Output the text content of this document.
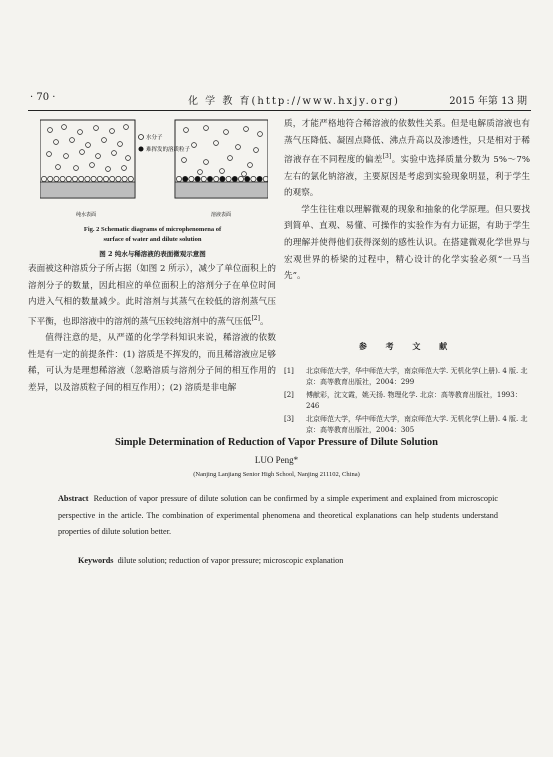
· 70 ·	化 学 教 育(http://www.hxjy.org)	2015 年第 13 期
水分子
难挥发的溶质粒子
纯水表面	溶液表面
Fig. 2 Schematic diagrams of microphenomena of
surface of water and dilute solution
图 2 纯水与稀溶液的表面微观示意图

表面被这种溶质分子所占据（如图 2 所示），减少了单位面积上的溶剂分子的数量，因此相应的单位面积上的溶剂分子在单位时间内进入气相的数量减少。此时溶剂与其蒸气在较低的溶剂蒸气压下平衡，也即溶液中的溶剂的蒸气压较纯溶剂中的蒸气压低[2]。

值得注意的是，从严谨的化学学科知识来说，稀溶液的依数性是有一定的前提条件：(1) 溶质是不挥发的，而且稀溶液应足够稀，可认为是理想稀溶液（忽略溶质与溶剂分子间的相互作用的差异，以及溶质粒子间的相互作用）；(2) 溶质是非电解

质，才能严格地符合稀溶液的依数性关系。但是电解质溶液也有蒸气压降低、凝固点降低、沸点升高以及渗透性，只是相对于稀溶液存在不同程度的偏差[3]。实验中选择质量分数为 5%～7% 左右的氯化钠溶液，主要原因是考虑到实验现象明显，利于学生的观察。

学生往往难以理解微观的现象和抽象的化学原理。但只要找到简单、直观、易懂、可操作的实验作为有力证据，有助于学生的理解并使得他们获得深刻的感性认识。在搭建微观化学世界与宏观世界的桥梁的过程中，精心设计的化学实验必须“一马当先”。

参 考 文 献
[1] 北京师范大学，华中师范大学，南京师范大学. 无机化学(上册). 4 版. 北京：高等教育出版社，2004：299
[2] 傅献彩，沈文霞，姚天扬. 物理化学. 北京：高等教育出版社，1993：246
[3] 北京师范大学，华中师范大学，南京师范大学. 无机化学(上册). 4 版. 北京：高等教育出版社，2004：305
Simple Determination of Reduction of Vapor Pressure of Dilute Solution
LUO Peng*
(Nanjing Lanjiang Senior High School, Nanjing 211102, China)
Abstract Reduction of vapor pressure of dilute solution can be confirmed by a simple experiment and explained from microscopic perspective in the article. The combination of experimental phenomena and theoretical explanations can help students understand properties of dilute solution better.
Keywords dilute solution; reduction of vapor pressure; microscopic explanation
